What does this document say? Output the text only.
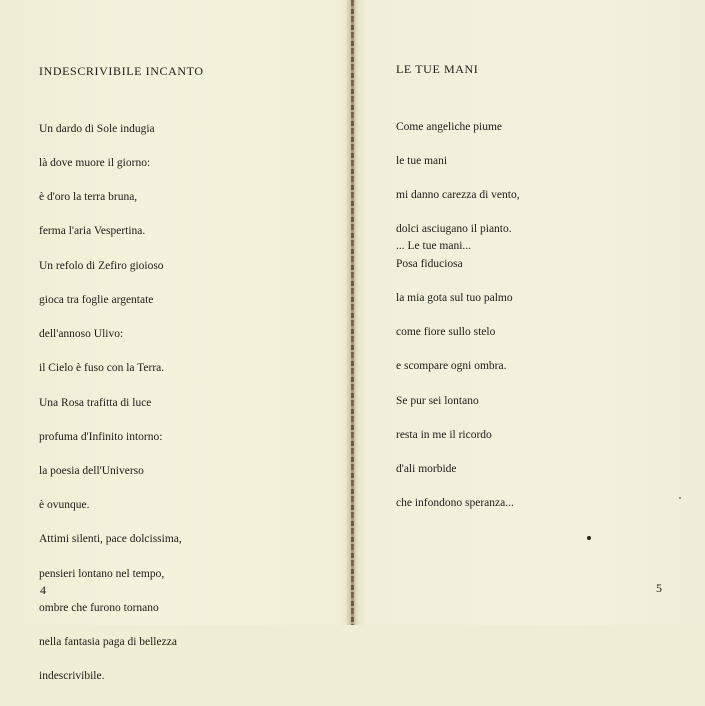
INDESCRIVIBILE INCANTO

Un dardo di Sole indugia

là dove muore il giorno:

è d'oro la terra bruna,

ferma l'aria Vespertina.

Un refolo di Zefiro gioioso

gioca tra foglie argentate

dell'annoso Ulivo:

il Cielo è fuso con la Terra.

Una Rosa trafitta di luce

profuma d'Infinito intorno:

la poesia dell'Universo

è ovunque.

Attimi silenti, pace dolcissima,

pensieri lontano nel tempo,

ombre che furono tornano

nella fantasia paga di bellezza

indescrivibile.

4
LE TUE MANI

Come angeliche piume

le tue mani

mi danno carezza di vento,

dolci asciugano il pianto.

Posa fiduciosa

la mia gota sul tuo palmo

come fiore sullo stelo

e scompare ogni ombra.

Se pur sei lontano

resta in me il ricordo

d'ali morbide

che infondono speranza...

... Le tue mani...
5
